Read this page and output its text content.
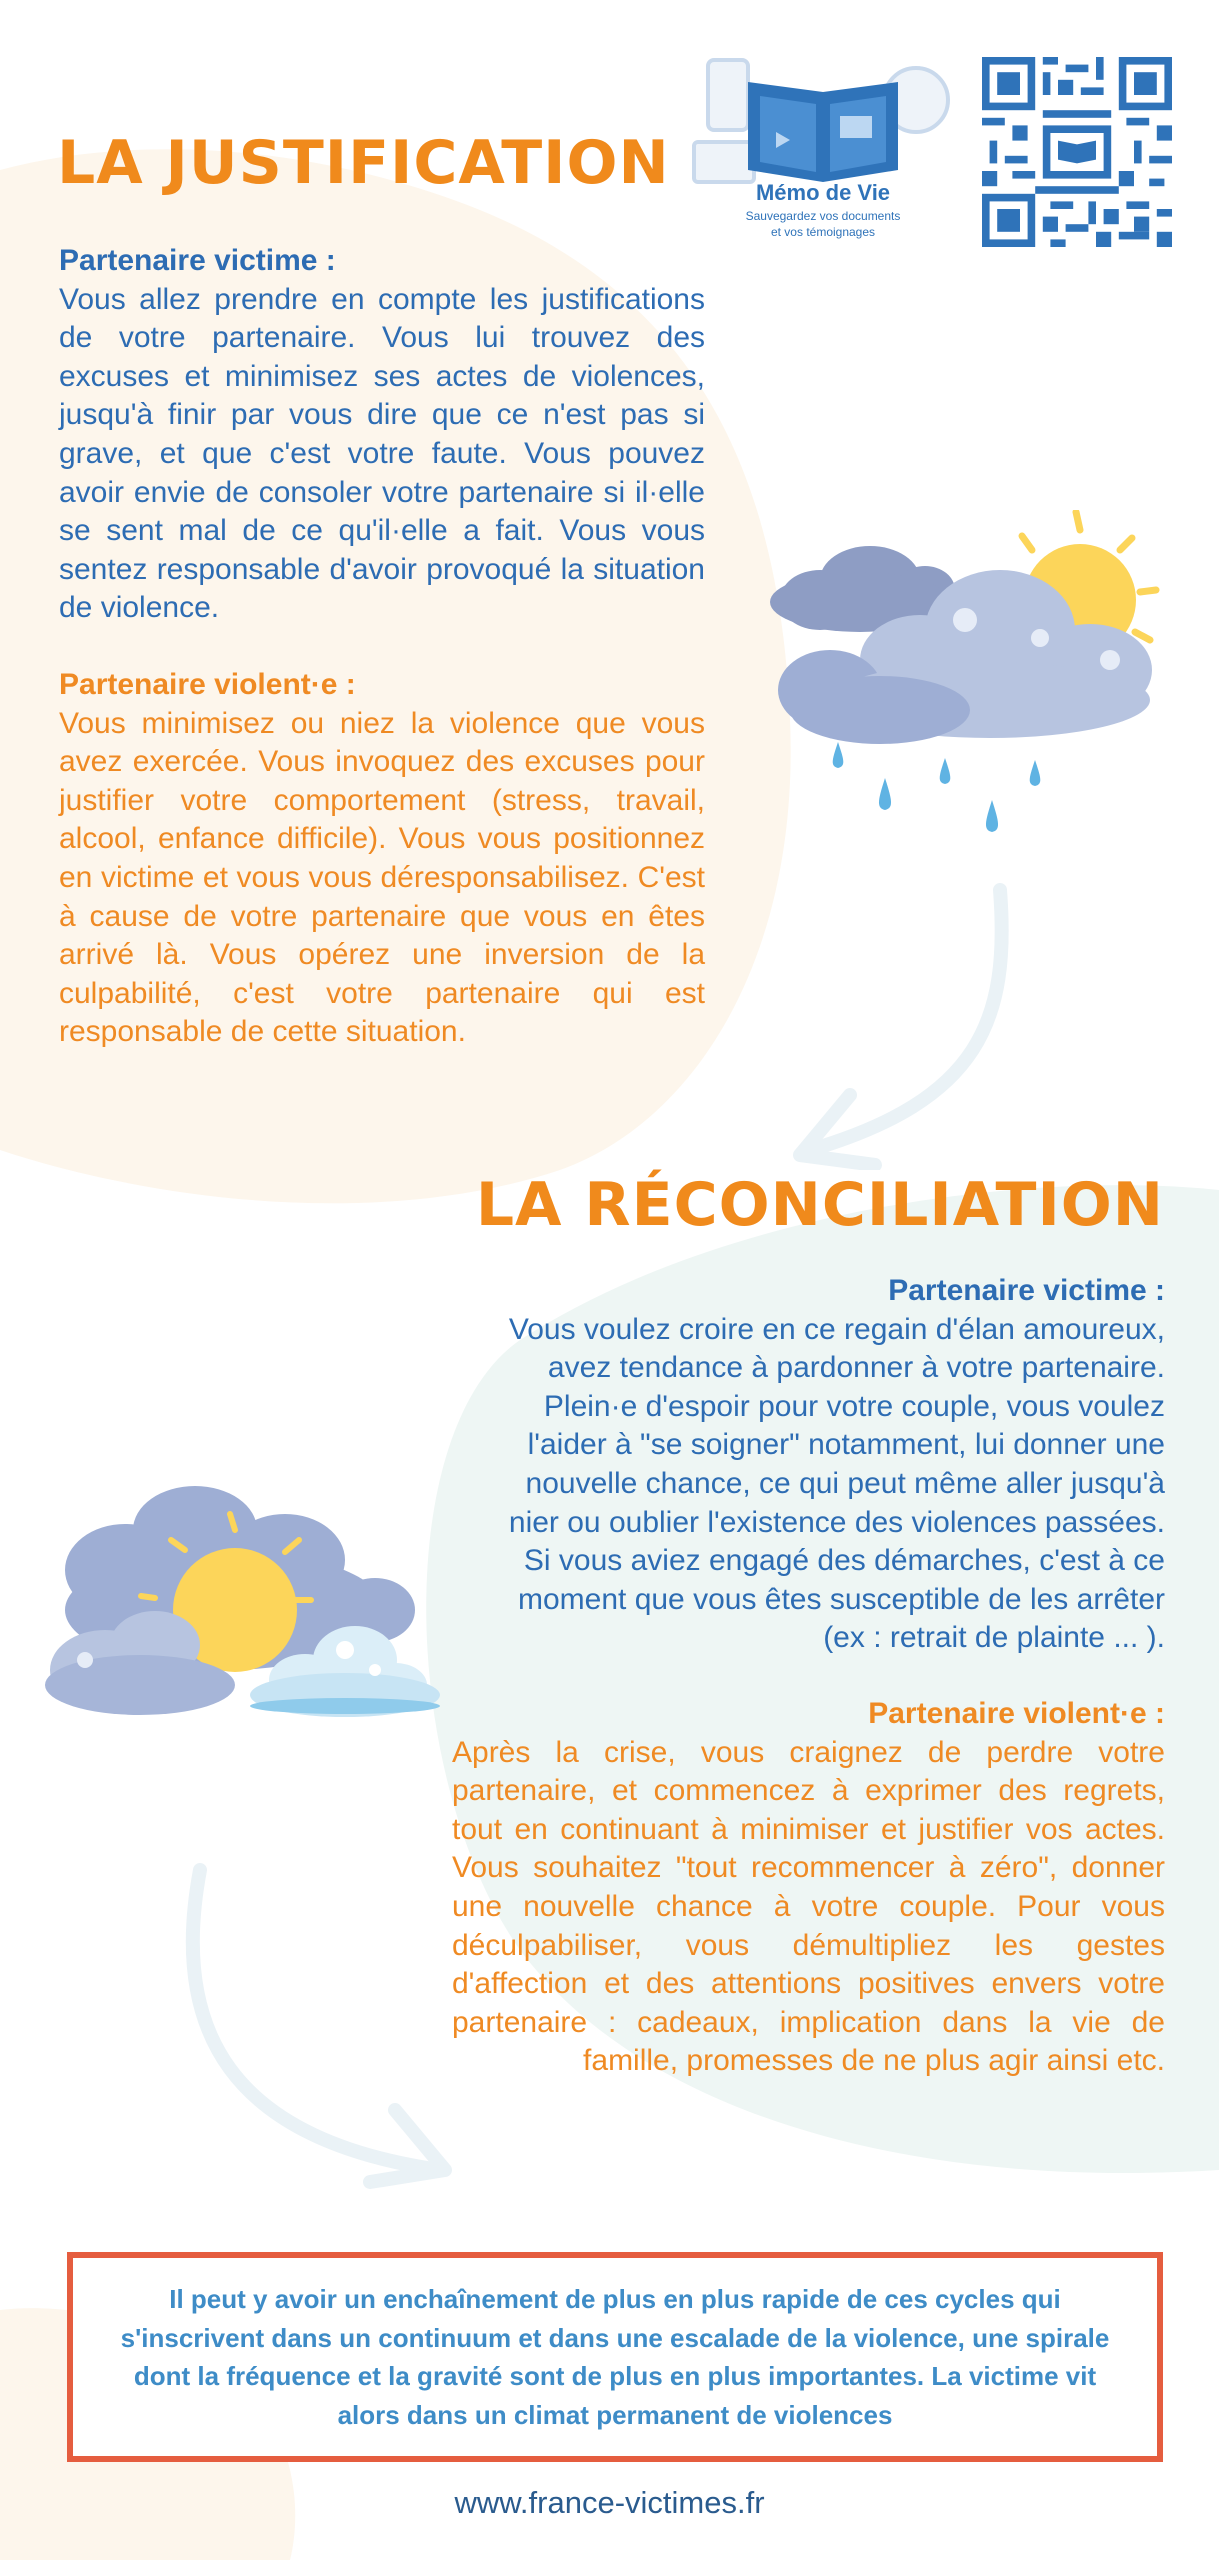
Mémo de Vie
Sauvegardez vos documents
et vos témoignages
LA JUSTIFICATION

Partenaire victime :

Vous allez prendre en compte les justifications de votre partenaire. Vous lui trouvez des excuses et minimisez ses actes de violences, jusqu'à finir par vous dire que ce n'est pas si grave, et que c'est votre faute. Vous pouvez avoir envie de consoler votre partenaire si il·elle se sent mal de ce qu'il·elle a fait. Vous vous sentez responsable d'avoir provoqué la situation de violence.

Partenaire violent·e :

Vous minimisez ou niez la violence que vous avez exercée. Vous invoquez des excuses pour justifier votre comportement (stress, travail, alcool, enfance difficile). Vous vous positionnez en victime et vous vous déresponsabilisez. C'est à cause de votre partenaire que vous en êtes arrivé là. Vous opérez une inversion de la culpabilité, c'est votre partenaire qui est responsable de cette situation.

LA RÉCONCILIATION

Partenaire victime :

Vous voulez croire en ce regain d'élan amoureux,

avez tendance à pardonner à votre partenaire.

Plein·e d'espoir pour votre couple, vous voulez

l'aider à "se soigner" notamment, lui donner une

nouvelle chance, ce qui peut même aller jusqu'à

nier ou oublier l'existence des violences passées.

Si vous aviez engagé des démarches, c'est à ce

moment que vous êtes susceptible de les arrêter

(ex : retrait de plainte ... ).

Partenaire violent·e :

Après la crise, vous craignez de perdre votre partenaire, et commencez à exprimer des regrets, tout en continuant à minimiser et justifier vos actes. Vous souhaitez "tout recommencer à zéro", donner une nouvelle chance à votre couple. Pour vous déculpabiliser, vous démultipliez les gestes d'affection et des attentions positives envers votre partenaire : cadeaux, implication dans la vie de famille, promesses de ne plus agir ainsi etc.

Il peut y avoir un enchaînement de plus en plus rapide de ces cycles qui s'inscrivent dans un continuum et dans une escalade de la violence, une spirale dont la fréquence et la gravité sont de plus en plus importantes. La victime vit alors dans un climat permanent de violences

www.france-victimes.fr
